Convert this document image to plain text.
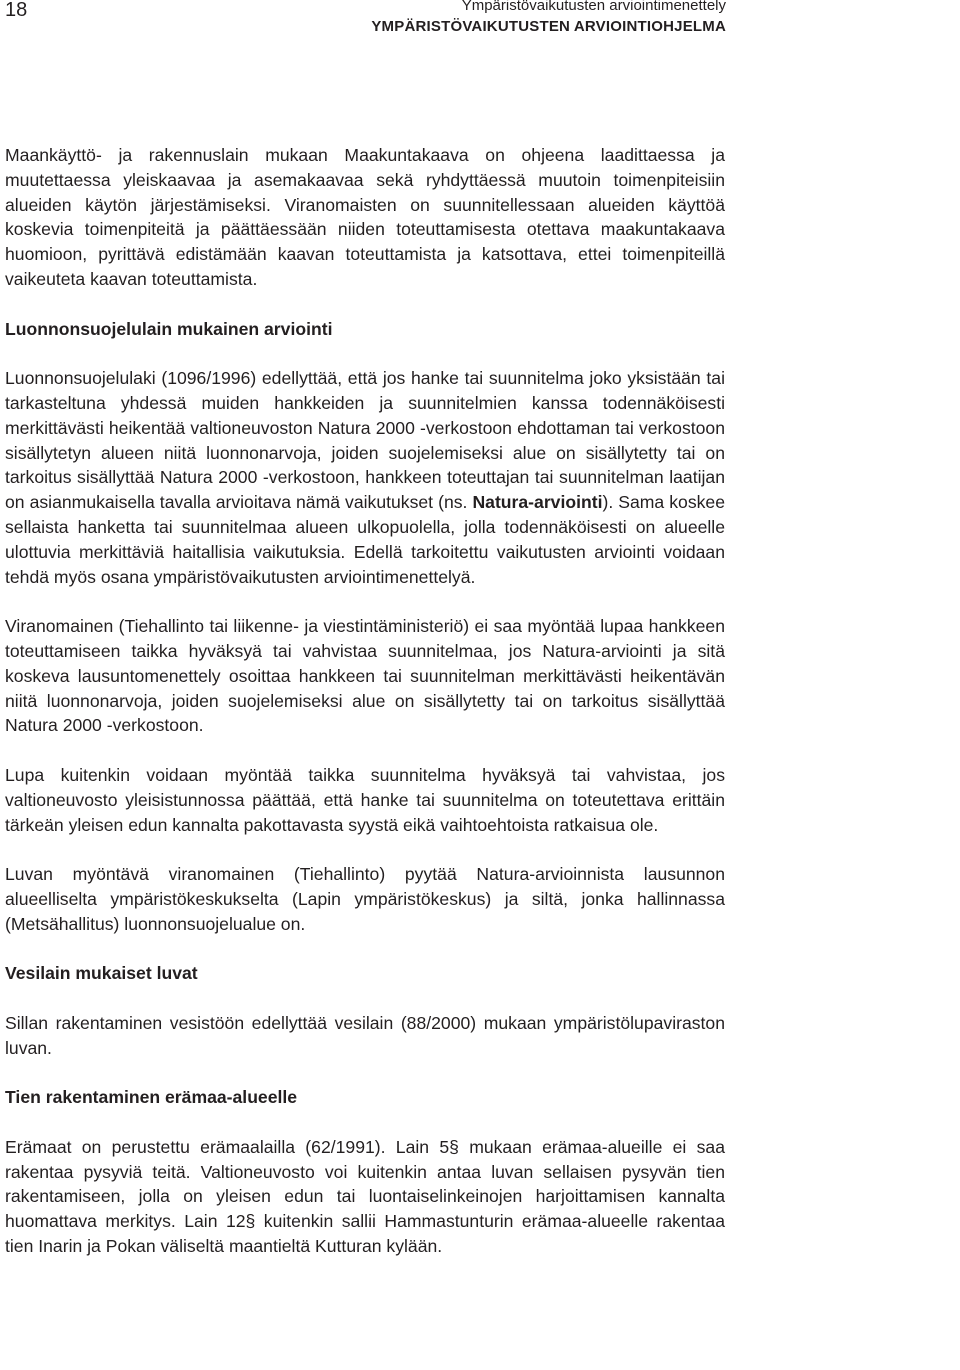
18	Ympäristövaikutusten arviointimenettely
YMPÄRISTÖVAIKUTUSTEN ARVIOINTIOHJELMA

Maankäyttö- ja rakennuslain mukaan Maakuntakaava on ohjeena laadittaessa ja muutettaessa yleiskaavaa ja asemakaavaa sekä ryhdyttäessä muutoin toimenpiteisiin alueiden käytön järjestämiseksi. Viranomaisten on suunnitellessaan alueiden käyttöä koskevia toimenpiteitä ja päättäessään niiden toteuttamisesta otettava maakuntakaava huomioon, pyrittävä edistämään kaavan toteuttamista ja katsottava, ettei toimenpiteillä vaikeuteta kaavan toteuttamista.

Luonnonsuojelulain mukainen arviointi

Luonnonsuojelulaki (1096/1996) edellyttää, että jos hanke tai suunnitelma joko yksistään tai tarkasteltuna yhdessä muiden hankkeiden ja suunnitelmien kanssa todennäköisesti merkittävästi heikentää valtioneuvoston Natura 2000 -verkostoon ehdottaman tai verkostoon sisällytetyn alueen niitä luonnonarvoja, joiden suojelemiseksi alue on sisällytetty tai on tarkoitus sisällyttää Natura 2000 -verkostoon, hankkeen toteuttajan tai suunnitelman laatijan on asianmukaisella tavalla arvioitava nämä vaikutukset (ns. Natura-arviointi). Sama koskee sellaista hanketta tai suunnitelmaa alueen ulkopuolella, jolla todennäköisesti on alueelle ulottuvia merkittäviä haitallisia vaikutuksia. Edellä tarkoitettu vaikutusten arviointi voidaan tehdä myös osana ympäristövaikutusten arviointimenettelyä.

Viranomainen (Tiehallinto tai liikenne- ja viestintäministeriö) ei saa myöntää lupaa hankkeen toteuttamiseen taikka hyväksyä tai vahvistaa suunnitelmaa, jos Natura-arviointi ja sitä koskeva lausuntomenettely osoittaa hankkeen tai suunnitelman merkittävästi heikentävän niitä luonnonarvoja, joiden suojelemiseksi alue on sisällytetty tai on tarkoitus sisällyttää Natura 2000 -verkostoon.

Lupa kuitenkin voidaan myöntää taikka suunnitelma hyväksyä tai vahvistaa, jos valtioneuvosto yleisistunnossa päättää, että hanke tai suunnitelma on toteutettava erittäin tärkeän yleisen edun kannalta pakottavasta syystä eikä vaihtoehtoista ratkaisua ole.

Luvan myöntävä viranomainen (Tiehallinto) pyytää Natura-arvioinnista lausunnon alueelliselta ympäristökeskukselta (Lapin ympäristökeskus) ja siltä, jonka hallinnassa (Metsähallitus) luonnonsuojelualue on.

Vesilain mukaiset luvat

Sillan rakentaminen vesistöön edellyttää vesilain (88/2000) mukaan ympäristölupaviraston luvan.

Tien rakentaminen erämaa-alueelle

Erämaat on perustettu erämaalailla (62/1991). Lain 5§ mukaan erämaa-alueille ei saa rakentaa pysyviä teitä. Valtioneuvosto voi kuitenkin antaa luvan sellaisen pysyvän tien rakentamiseen, jolla on yleisen edun tai luontaiselinkeinojen harjoittamisen kannalta huomattava merkitys. Lain 12§ kuitenkin sallii Hammastunturin erämaa-alueelle rakentaa tien Inarin ja Pokan väliseltä maantieltä Kutturan kylään.
